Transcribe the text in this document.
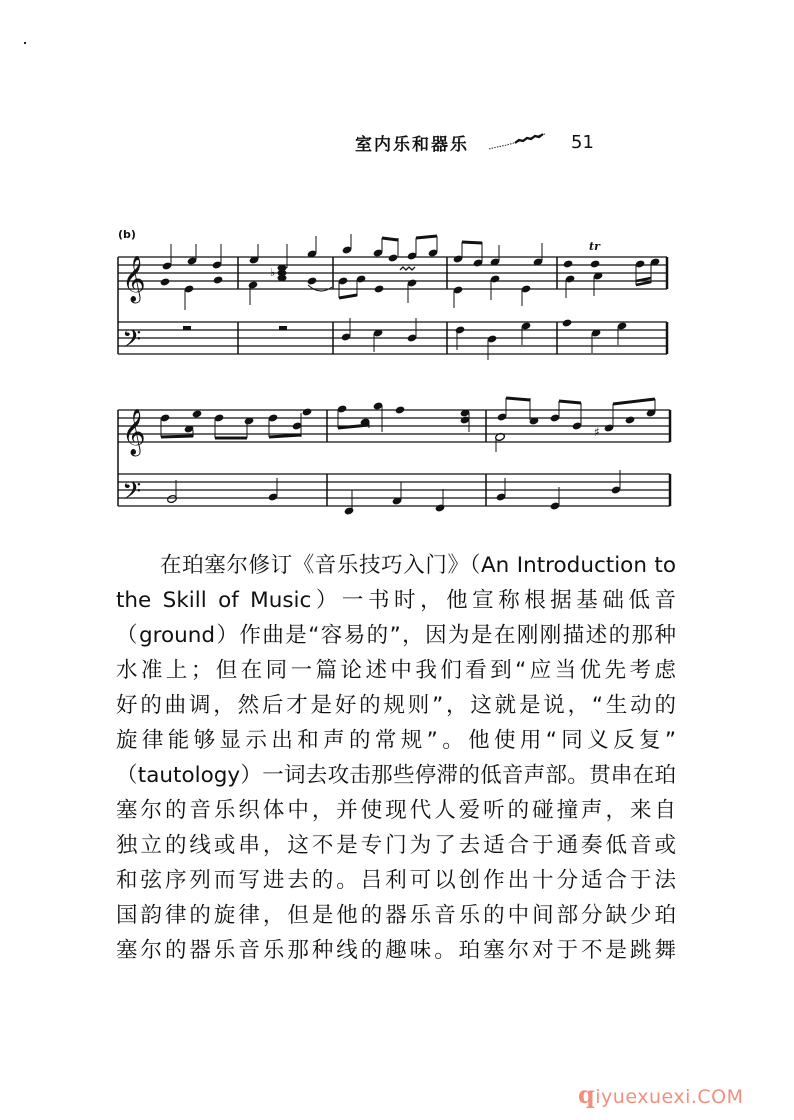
室内乐和器乐	51
(b)
𝄞
𝄢
♭
tr
𝄞
𝄢
♯
在珀塞尔修订《音乐技巧入门》（An Introduction to
the Skill of Music）一书时，他宣称根据基础低音
（ground）作曲是“容易的”，因为是在刚刚描述的那种
水准上；但在同一篇论述中我们看到“应当优先考虑
好的曲调，然后才是好的规则”，这就是说，“生动的
旋律能够显示出和声的常规”。他使用“同义反复”
（tautology）一词去攻击那些停滞的低音声部。贯串在珀
塞尔的音乐织体中，并使现代人爱听的碰撞声，来自
独立的线或串，这不是专门为了去适合于通奏低音或
和弦序列而写进去的。吕利可以创作出十分适合于法
国韵律的旋律，但是他的器乐音乐的中间部分缺少珀
塞尔的器乐音乐那种线的趣味。珀塞尔对于不是跳舞
qiyuexuexi.COM
